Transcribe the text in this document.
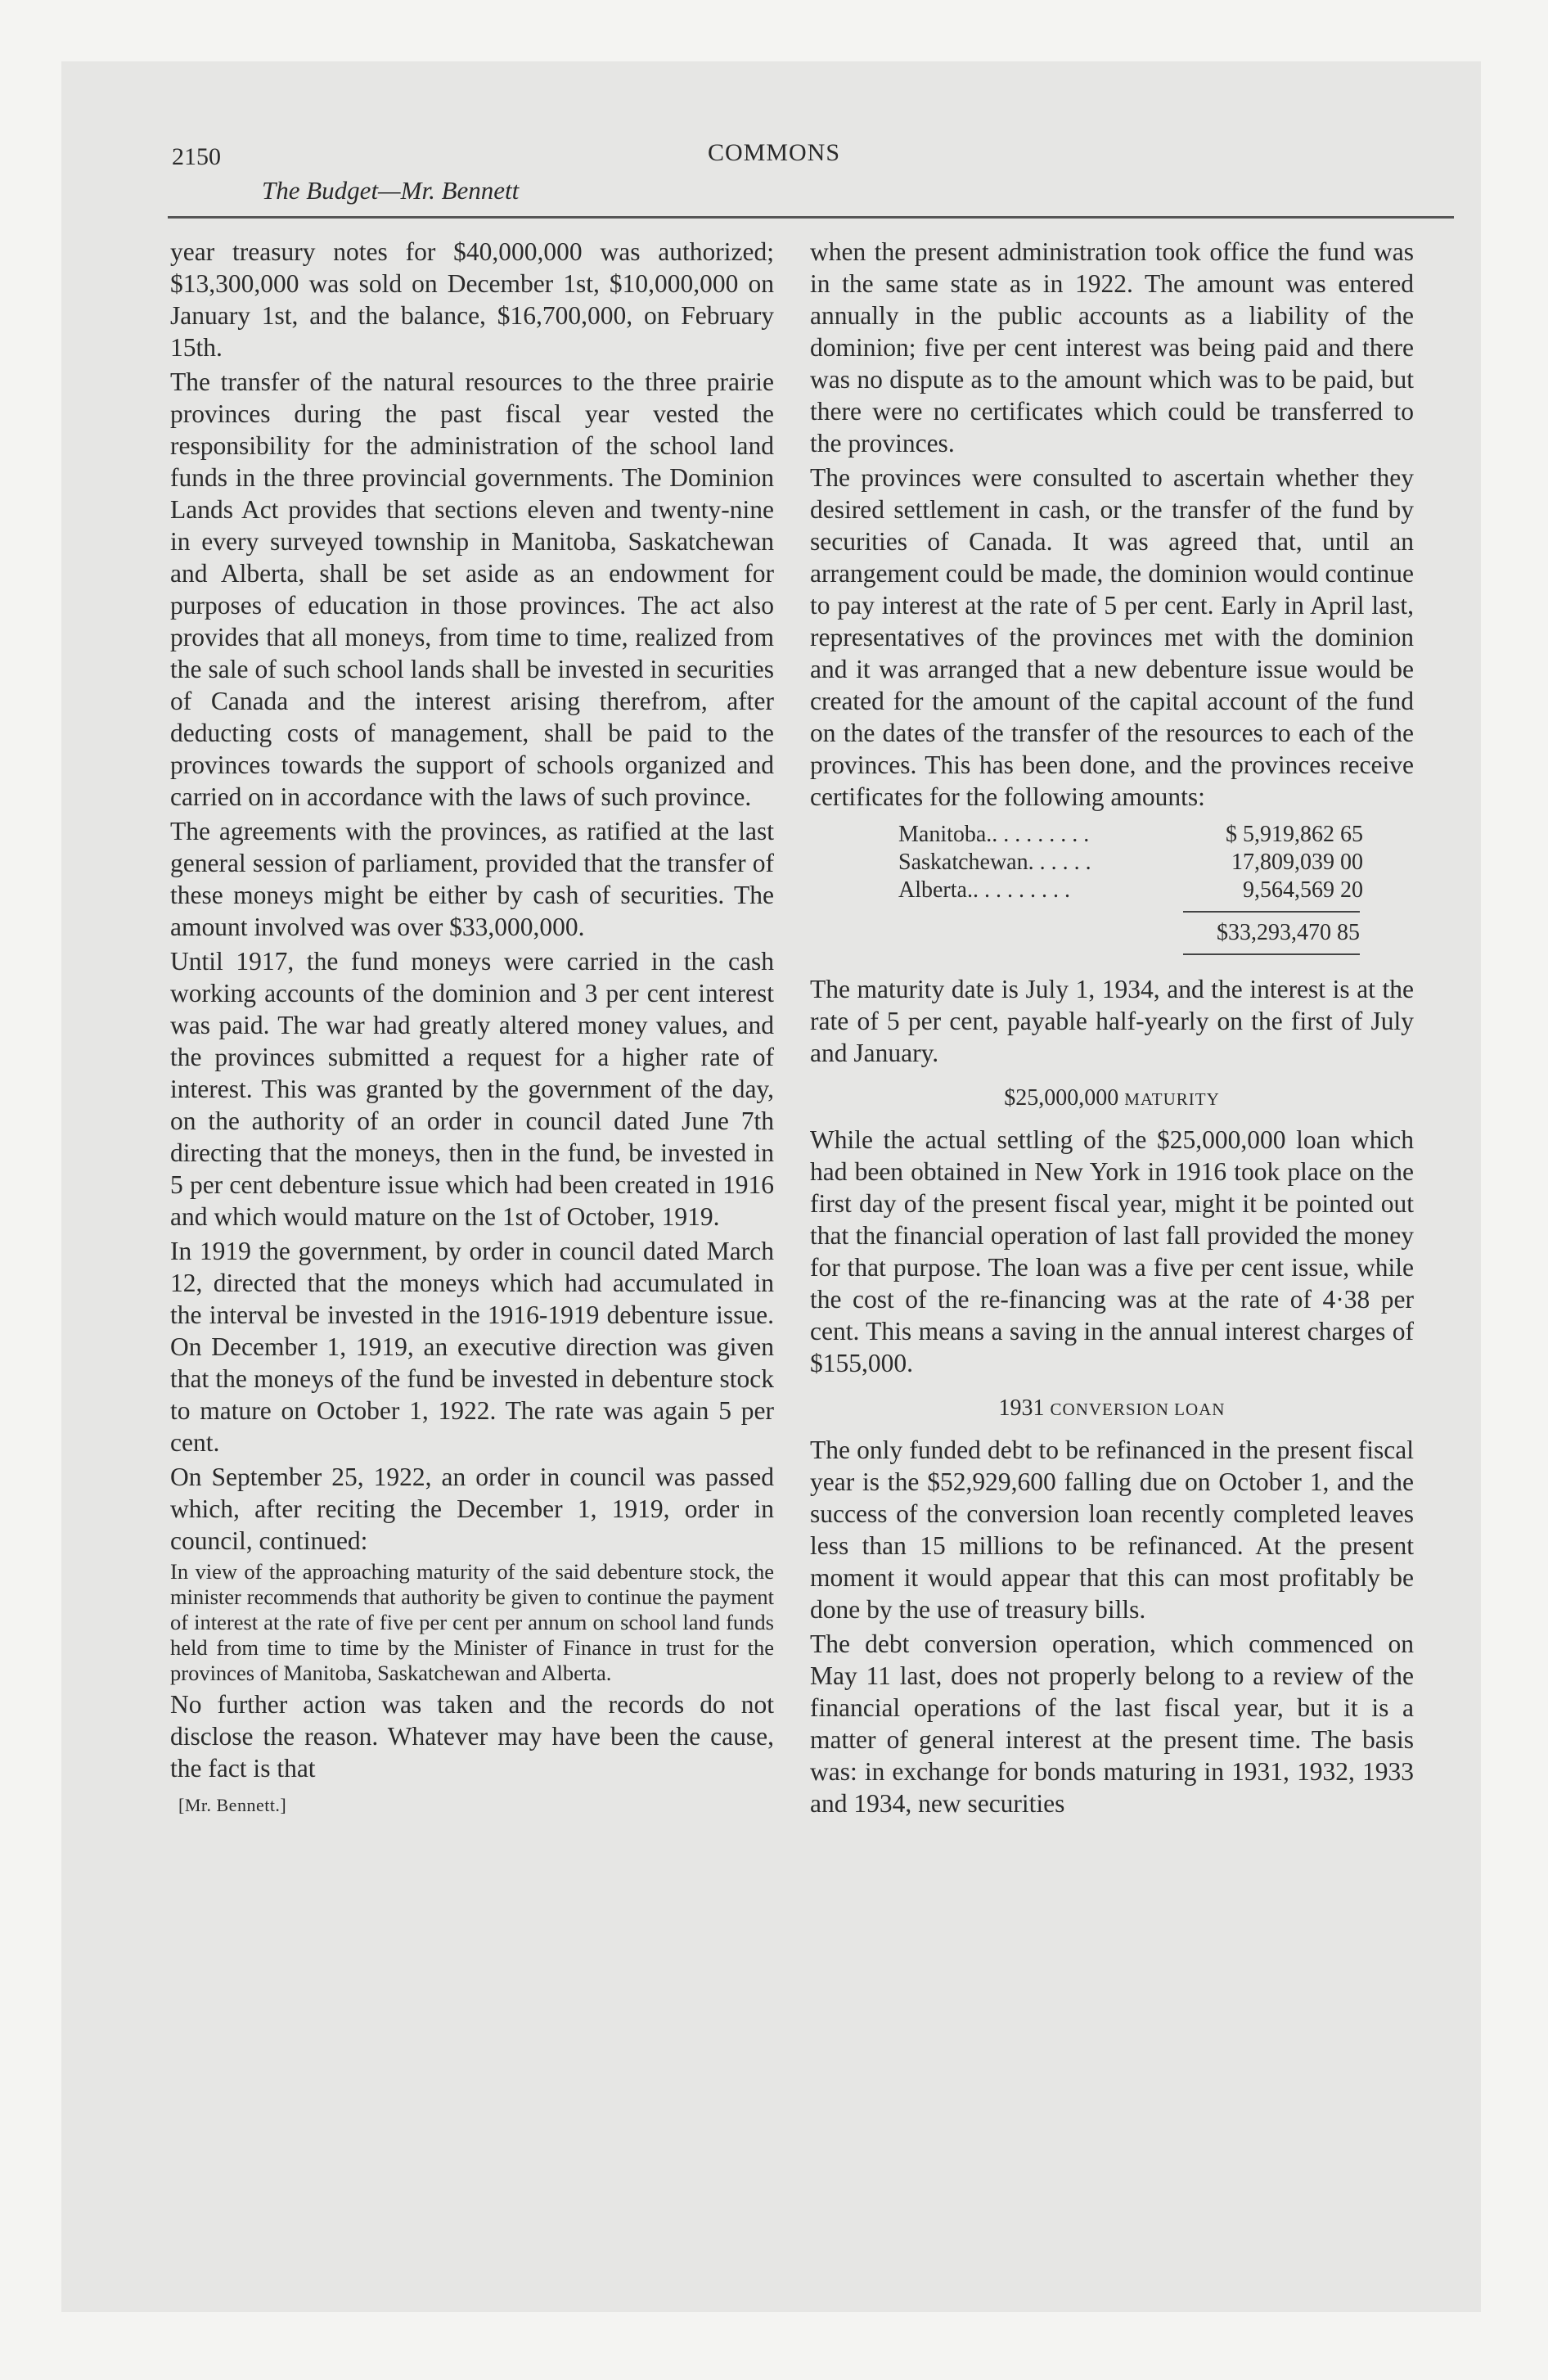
2150	COMMONS
The Budget—Mr. Bennett

year treasury notes for $40,000,000 was authorized; $13,300,000 was sold on December 1st, $10,000,000 on January 1st, and the balance, $16,700,000, on February 15th.

The transfer of the natural resources to the three prairie provinces during the past fiscal year vested the responsibility for the administration of the school land funds in the three provincial governments. The Dominion Lands Act provides that sections eleven and twenty-nine in every surveyed township in Manitoba, Saskatchewan and Alberta, shall be set aside as an endowment for purposes of education in those provinces. The act also provides that all moneys, from time to time, realized from the sale of such school lands shall be invested in securities of Canada and the interest arising therefrom, after deducting costs of management, shall be paid to the provinces towards the support of schools organized and carried on in accordance with the laws of such province.

The agreements with the provinces, as ratified at the last general session of parliament, provided that the transfer of these moneys might be either by cash of securities. The amount involved was over $33,000,000.

Until 1917, the fund moneys were carried in the cash working accounts of the dominion and 3 per cent interest was paid. The war had greatly altered money values, and the provinces submitted a request for a higher rate of interest. This was granted by the government of the day, on the authority of an order in council dated June 7th directing that the moneys, then in the fund, be invested in 5 per cent debenture issue which had been created in 1916 and which would mature on the 1st of October, 1919.

In 1919 the government, by order in council dated March 12, directed that the moneys which had accumulated in the interval be invested in the 1916-1919 debenture issue. On December 1, 1919, an executive direction was given that the moneys of the fund be invested in debenture stock to mature on October 1, 1922. The rate was again 5 per cent.

On September 25, 1922, an order in council was passed which, after reciting the December 1, 1919, order in council, continued:

In view of the approaching maturity of the said debenture stock, the minister recommends that authority be given to continue the payment of interest at the rate of five per cent per annum on school land funds held from time to time by the Minister of Finance in trust for the provinces of Manitoba, Saskatchewan and Alberta.

No further action was taken and the records do not disclose the reason. Whatever may have been the cause, the fact is that

[Mr. Bennett.]

when the present administration took office the fund was in the same state as in 1922. The amount was entered annually in the public accounts as a liability of the dominion; five per cent interest was being paid and there was no dispute as to the amount which was to be paid, but there were no certificates which could be transferred to the provinces.

The provinces were consulted to ascertain whether they desired settlement in cash, or the transfer of the fund by securities of Canada. It was agreed that, until an arrangement could be made, the dominion would continue to pay interest at the rate of 5 per cent. Early in April last, representatives of the provinces met with the dominion and it was arranged that a new debenture issue would be created for the amount of the capital account of the fund on the dates of the transfer of the resources to each of the provinces. This has been done, and the provinces receive certificates for the following amounts:

Manitoba.. . . . . . . . .	$ 5,919,862 65
Saskatchewan. . . . . .	17,809,039 00
Alberta.. . . . . . . . .	9,564,569 20
$33,293,470 85

The maturity date is July 1, 1934, and the interest is at the rate of 5 per cent, payable half-yearly on the first of July and January.

$25,000,000 MATURITY

While the actual settling of the $25,000,000 loan which had been obtained in New York in 1916 took place on the first day of the present fiscal year, might it be pointed out that the financial operation of last fall provided the money for that purpose. The loan was a five per cent issue, while the cost of the re-financing was at the rate of 4·38 per cent. This means a saving in the annual interest charges of $155,000.

1931 CONVERSION LOAN

The only funded debt to be refinanced in the present fiscal year is the $52,929,600 falling due on October 1, and the success of the conversion loan recently completed leaves less than 15 millions to be refinanced. At the present moment it would appear that this can most profitably be done by the use of treasury bills.

The debt conversion operation, which commenced on May 11 last, does not properly belong to a review of the financial operations of the last fiscal year, but it is a matter of general interest at the present time. The basis was: in exchange for bonds maturing in 1931, 1932, 1933 and 1934, new securities
